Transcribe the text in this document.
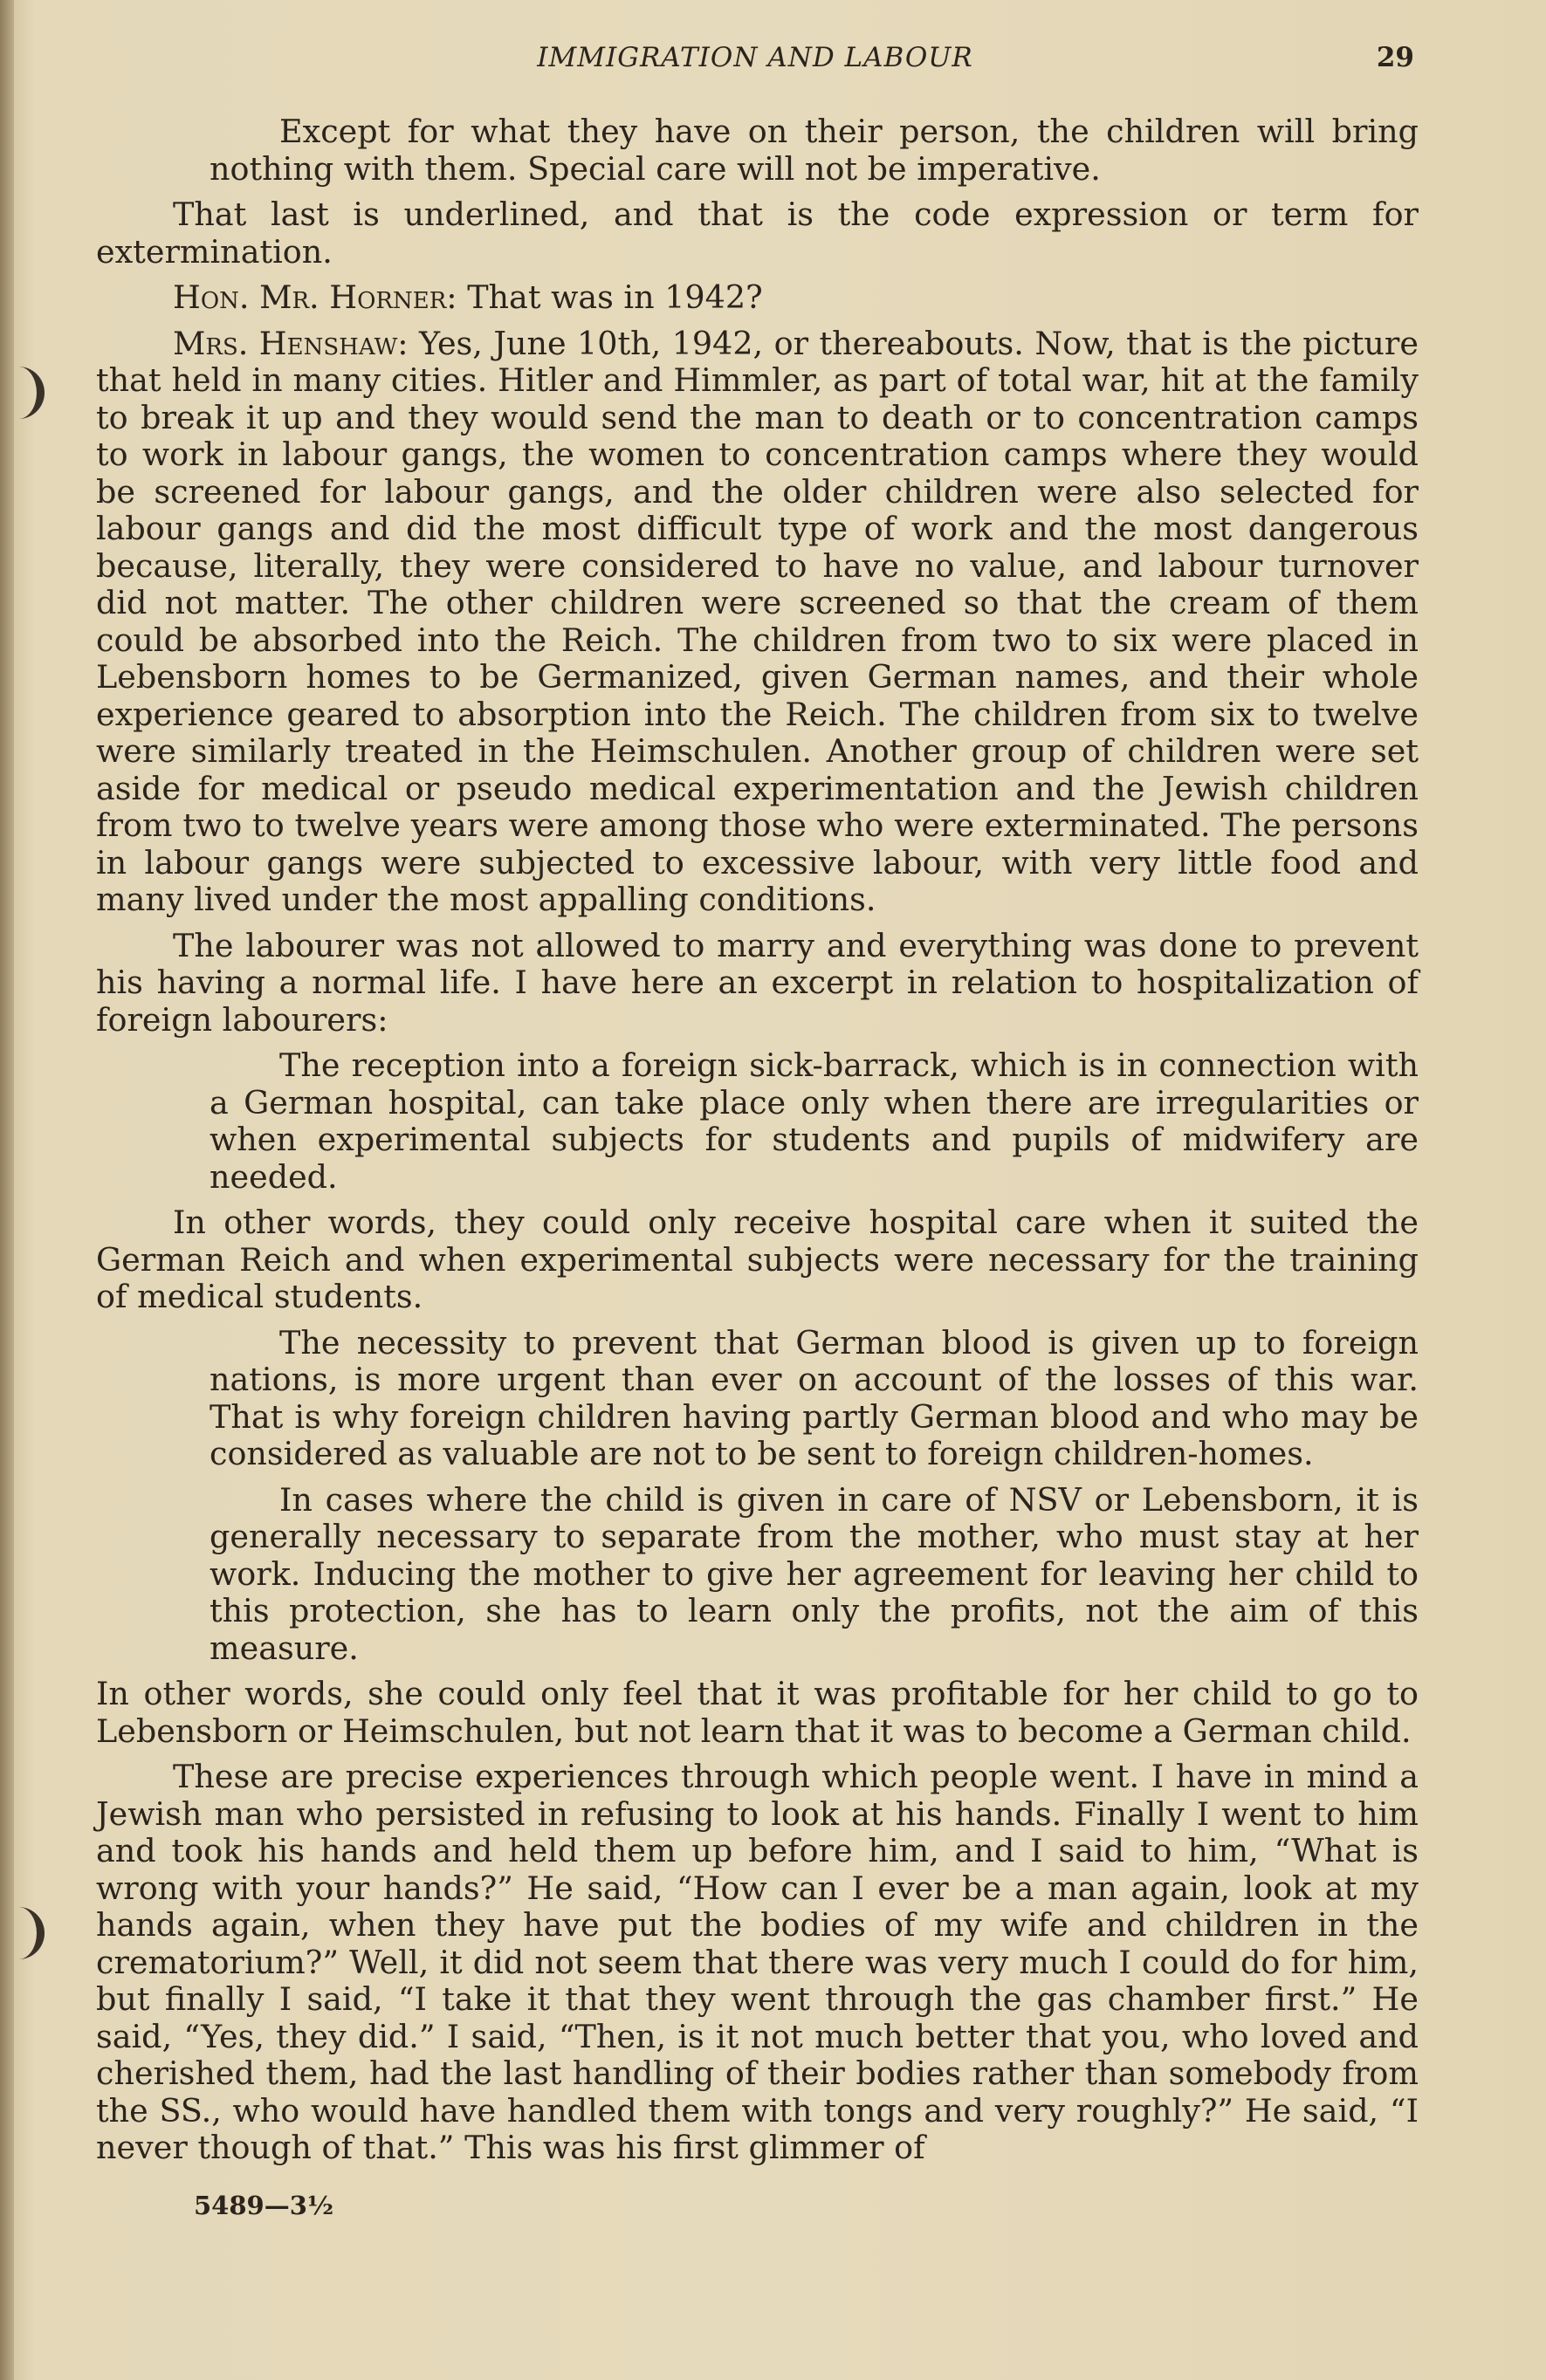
IMMIGRATION AND LABOUR	29

Except for what they have on their person, the children will bring nothing with them. Special care will not be imperative.

That last is underlined, and that is the code expression or term for extermination.

Hon. Mr. Horner: That was in 1942?

Mrs. Henshaw: Yes, June 10th, 1942, or thereabouts. Now, that is the picture that held in many cities. Hitler and Himmler, as part of total war, hit at the family to break it up and they would send the man to death or to concentration camps to work in labour gangs, the women to concentration camps where they would be screened for labour gangs, and the older children were also selected for labour gangs and did the most difficult type of work and the most dangerous because, literally, they were considered to have no value, and labour turnover did not matter. The other children were screened so that the cream of them could be absorbed into the Reich. The children from two to six were placed in Lebensborn homes to be Germanized, given German names, and their whole experience geared to absorption into the Reich. The children from six to twelve were similarly treated in the Heimschulen. Another group of children were set aside for medical or pseudo medical experimentation and the Jewish children from two to twelve years were among those who were exterminated. The persons in labour gangs were subjected to excessive labour, with very little food and many lived under the most appalling conditions.

The labourer was not allowed to marry and everything was done to prevent his having a normal life. I have here an excerpt in relation to hospitalization of foreign labourers:

The reception into a foreign sick-barrack, which is in connection with a German hospital, can take place only when there are irregularities or when experimental subjects for students and pupils of midwifery are needed.

In other words, they could only receive hospital care when it suited the German Reich and when experimental subjects were necessary for the training of medical students.

The necessity to prevent that German blood is given up to foreign nations, is more urgent than ever on account of the losses of this war. That is why foreign children having partly German blood and who may be considered as valuable are not to be sent to foreign children-homes.

In cases where the child is given in care of NSV or Lebensborn, it is generally necessary to separate from the mother, who must stay at her work. Inducing the mother to give her agreement for leaving her child to this protection, she has to learn only the profits, not the aim of this measure.

In other words, she could only feel that it was profitable for her child to go to Lebensborn or Heimschulen, but not learn that it was to become a German child.

These are precise experiences through which people went. I have in mind a Jewish man who persisted in refusing to look at his hands. Finally I went to him and took his hands and held them up before him, and I said to him, “What is wrong with your hands?” He said, “How can I ever be a man again, look at my hands again, when they have put the bodies of my wife and children in the crematorium?” Well, it did not seem that there was very much I could do for him, but finally I said, “I take it that they went through the gas chamber first.” He said, “Yes, they did.” I said, “Then, is it not much better that you, who loved and cherished them, had the last handling of their bodies rather than somebody from the SS., who would have handled them with tongs and very roughly?” He said, “I never though of that.” This was his first glimmer of

5489—3½
